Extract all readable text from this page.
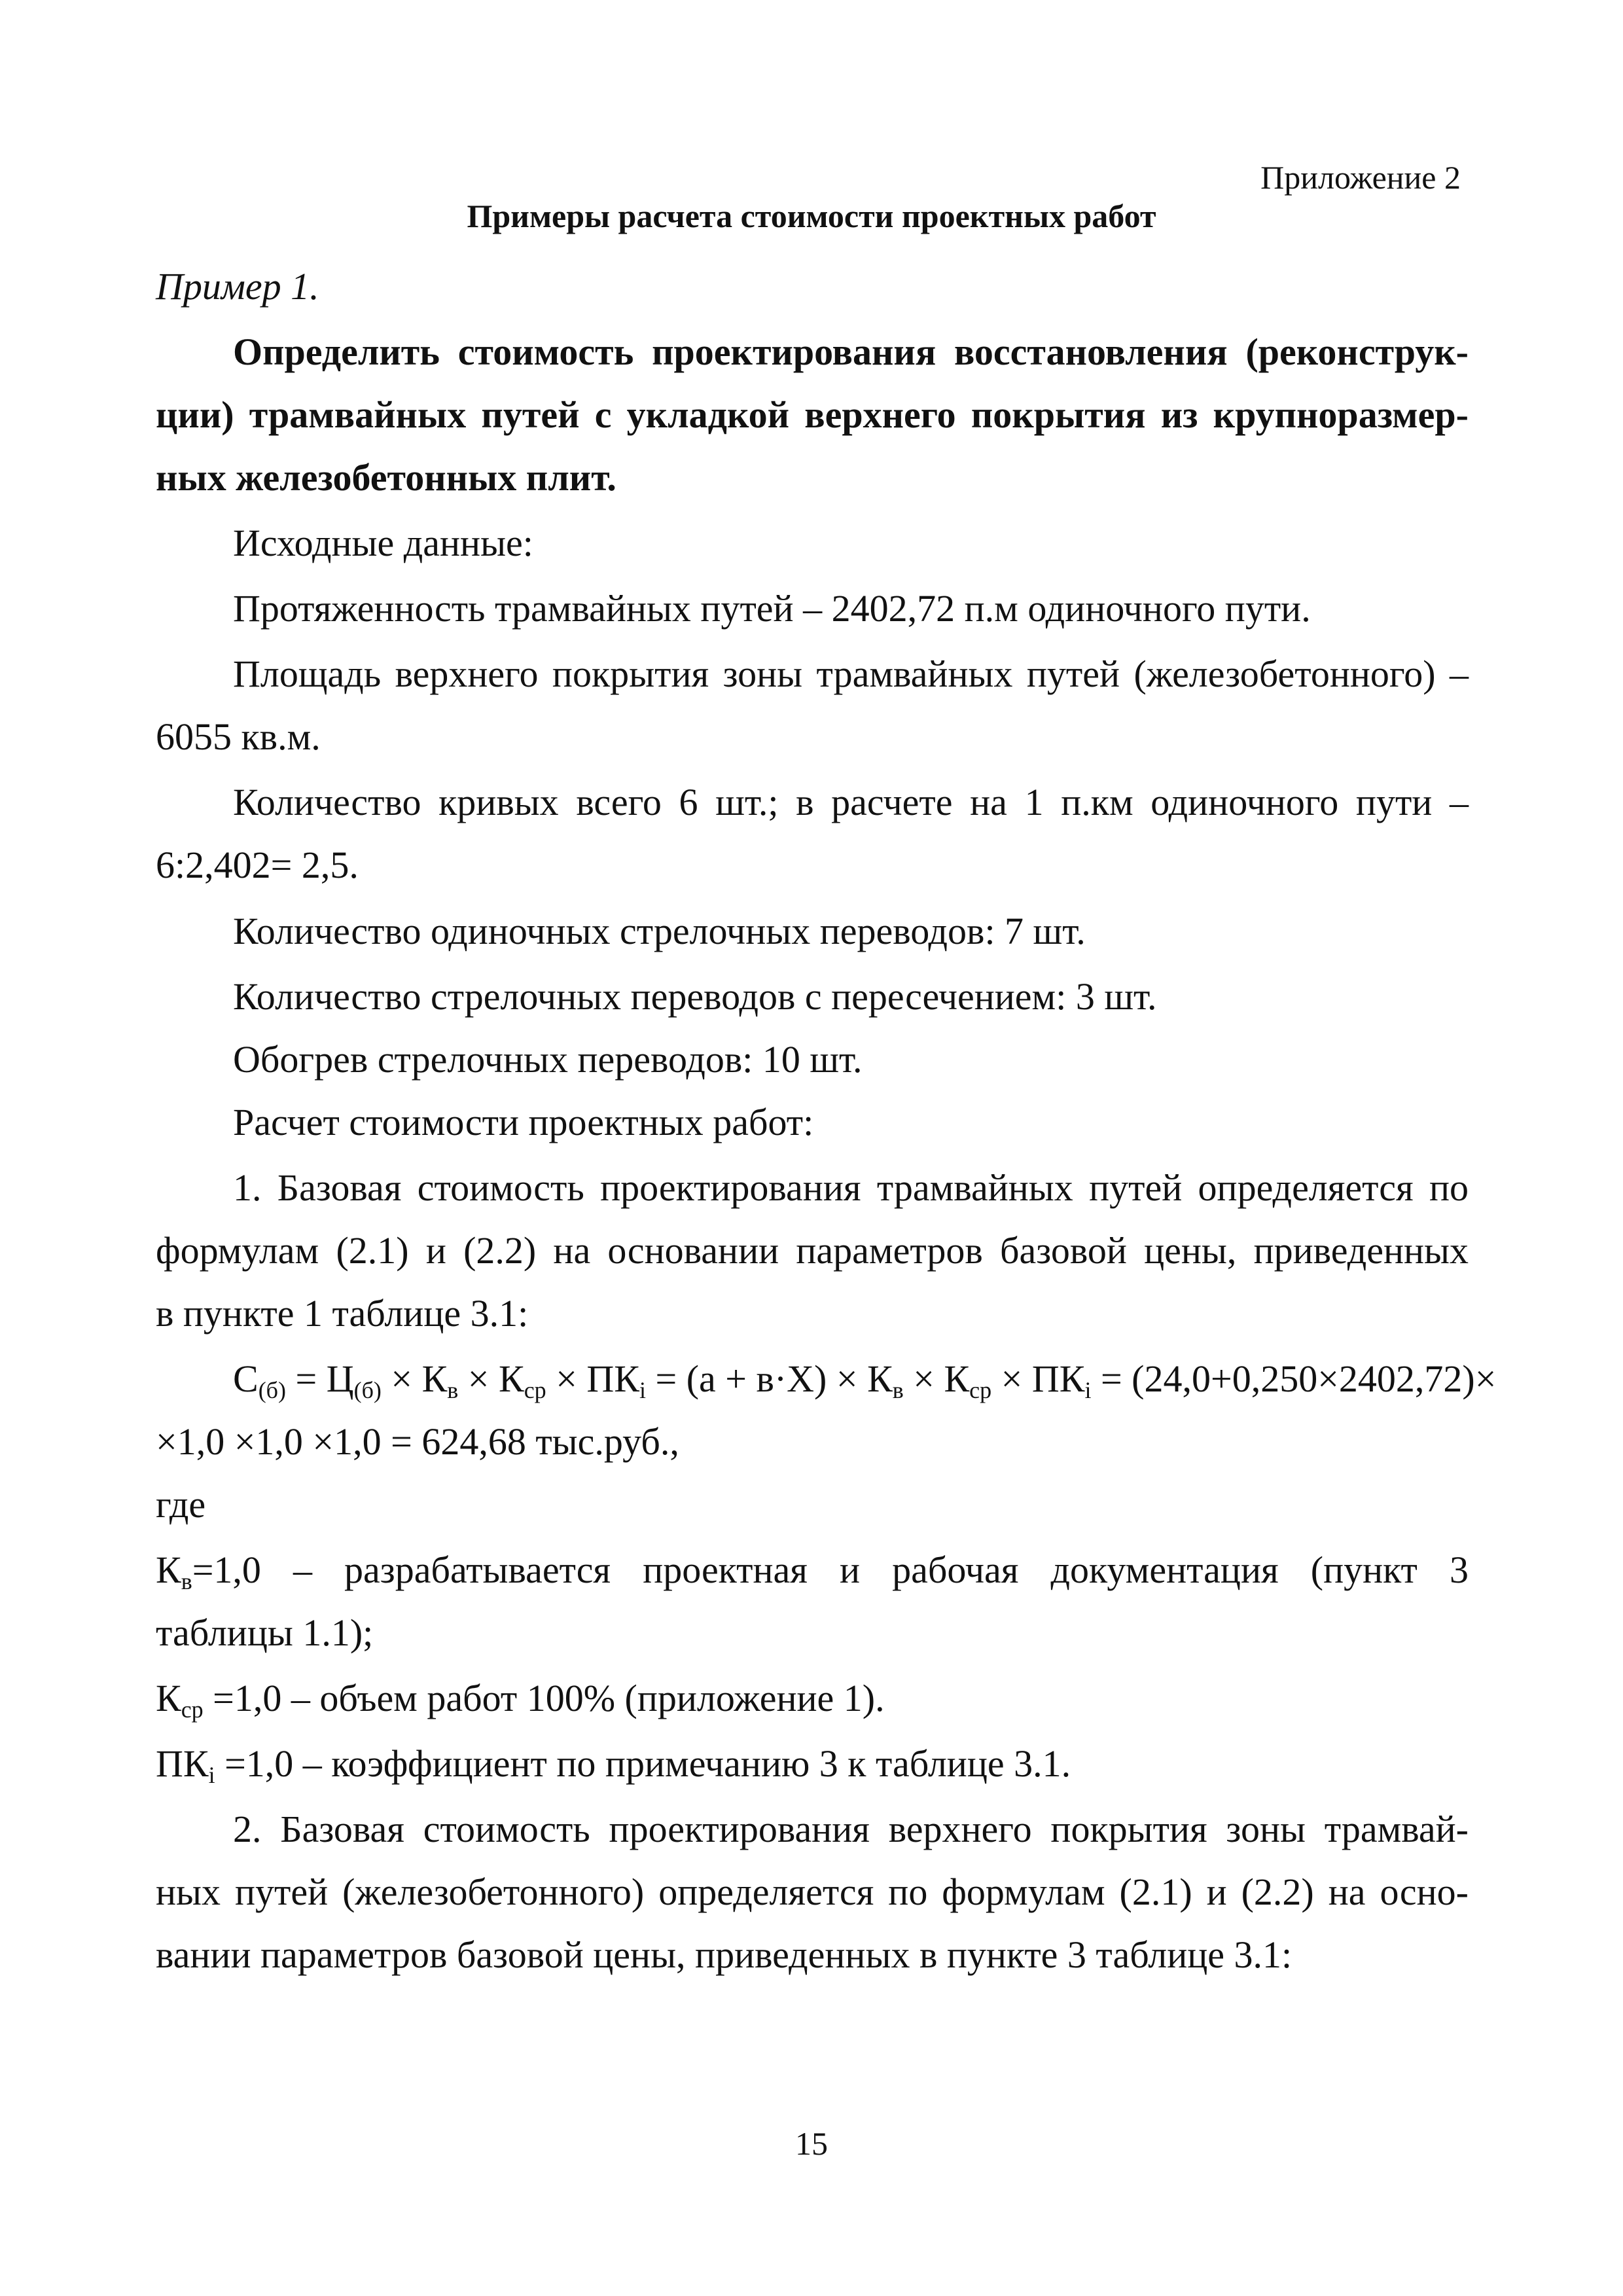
Приложение 2
Примеры расчета стоимости проектных работ
Пример 1.
Определить стоимость проектирования восстановления (реконструк-
ции) трамвайных путей с укладкой верхнего покрытия из крупноразмер-
ных железобетонных плит.
Исходные данные:
Протяженность трамвайных путей – 2402,72 п.м одиночного пути.
Площадь верхнего покрытия зоны трамвайных путей (железобетонного) –
6055 кв.м.
Количество кривых всего 6 шт.; в расчете на 1 п.км одиночного пути –
6:2,402= 2,5.
Количество одиночных стрелочных переводов: 7 шт.
Количество стрелочных переводов с пересечением: 3 шт.
Обогрев стрелочных переводов: 10 шт.
Расчет стоимости проектных работ:
1. Базовая стоимость проектирования трамвайных путей определяется по
формулам (2.1) и (2.2) на основании параметров базовой цены, приведенных
в пункте 1 таблице 3.1:
$С_{(б)} = Ц_{(б)} \times К_в \times К_{ср} \times ПК_i = (а + в\cdot Х) \times К_в \times К_{ср} \times ПК_i = (24,0+0,250\times 2402,72)\times$
×1,0 ×1,0 ×1,0 = 624,68 тыс.руб.,
где
$К_в=1,0$ – разрабатывается проектная и рабочая документация (пункт 3
таблицы 1.1);
$К_{ср} =1,0$ – объем работ 100% (приложение 1).
$ПК_i =1,0$ – коэффициент по примечанию 3 к таблице 3.1.
2. Базовая стоимость проектирования верхнего покрытия зоны трамвай-
ных путей (железобетонного) определяется по формулам (2.1) и (2.2) на осно-
вании параметров базовой цены, приведенных в пункте 3 таблице 3.1:
15
